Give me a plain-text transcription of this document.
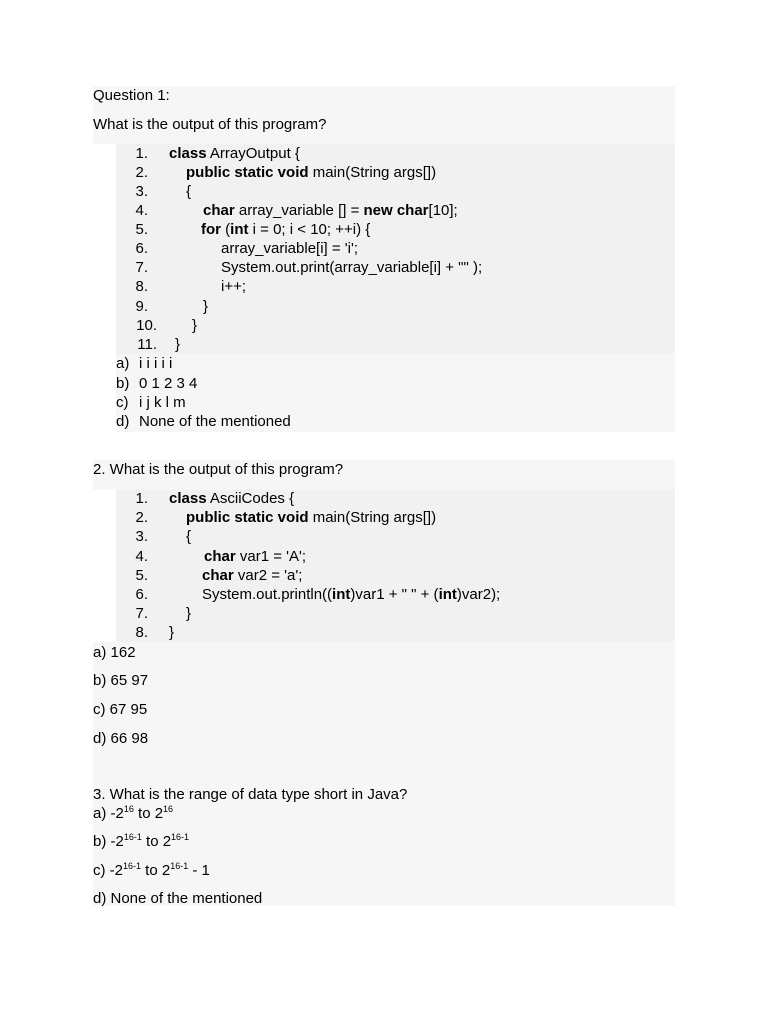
Question 1:
What is the output of this program?
1. class ArrayOutput {
2.	public static void main(String args[])
3.	{
4.	char array_variable [] = new char[10];
5.	for (int i = 0; i < 10; ++i) {
6.	array_variable[i] = 'i';
7.	System.out.print(array_variable[i] + "" );
8.	i++;
9.	}
10. }
11. }
a) i i i i i
b) 0 1 2 3 4
c) i j k l m
d) None of the mentioned
2. What is the output of this program?
1. class AsciiCodes {
2.	public static void main(String args[])
3.	{
4.	char var1 = 'A';
5.	char var2 = 'a';
6.	System.out.println((int)var1 + " " + (int)var2);
7.	}
8. }
a) 162
b) 65 97
c) 67 95
d) 66 98
3. What is the range of data type short in Java?
a) $-2^{16}$ to $2^{16}$
b) -2$^{16-1}$ to 2$^{16-1}$
c) -2$^{16-1}$ to 2$^{16-1}$ - 1
d) None of the mentioned
